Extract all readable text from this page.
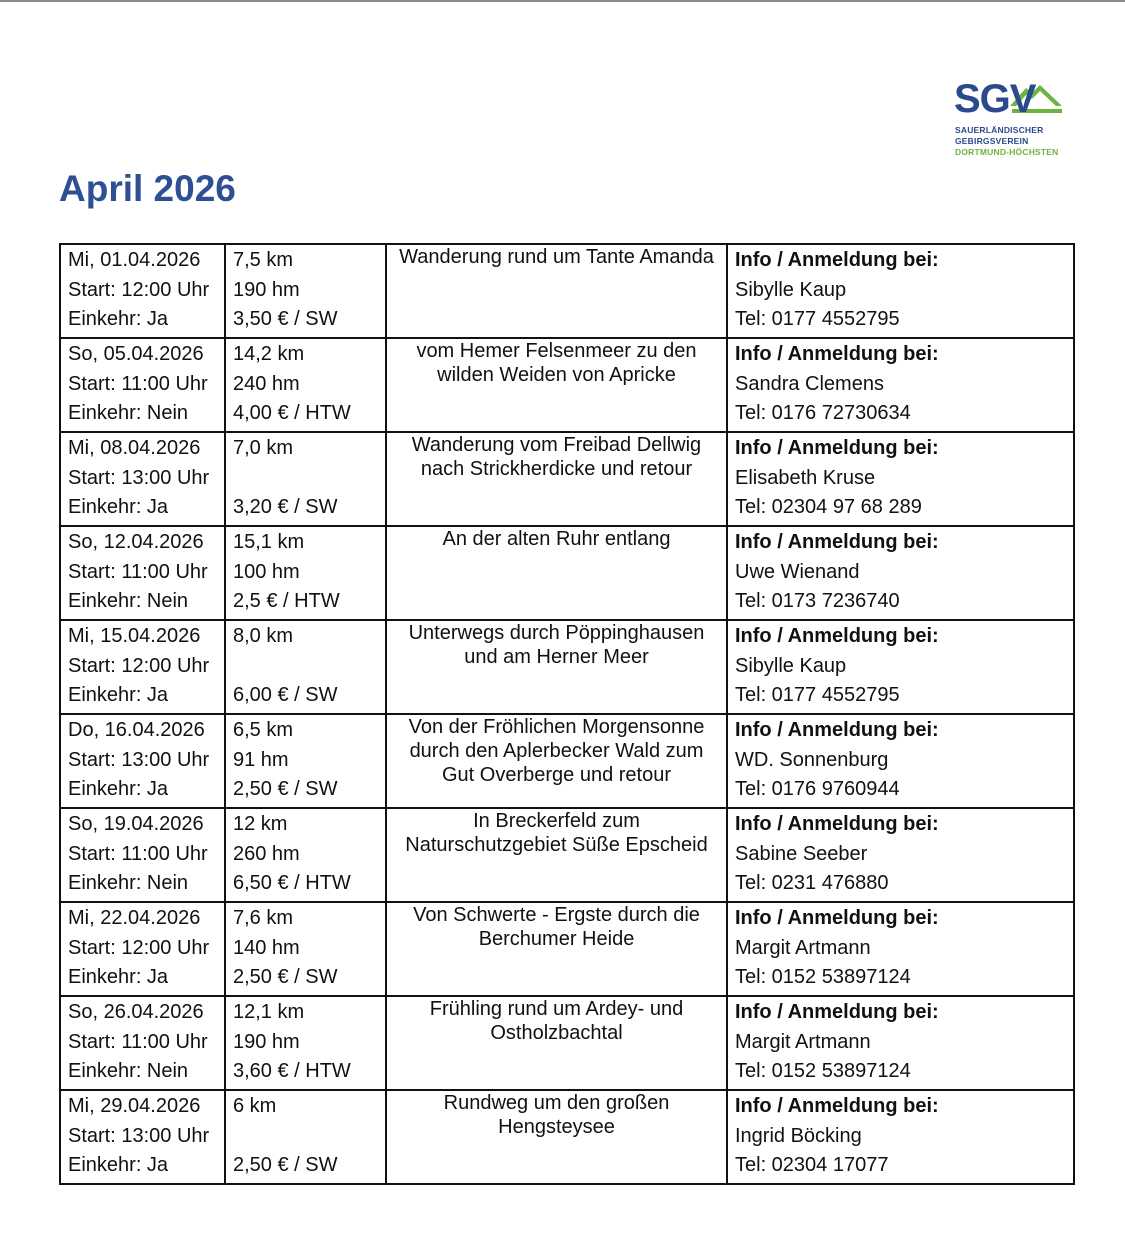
SGV
SAUERLÄNDISCHER
GEBIRGSVEREIN
DORTMUND-HÖCHSTEN
April 2026
Mi, 01.04.2026
Start: 12:00 Uhr
Einkehr: Ja	7,5 km
190 hm
3,50 € / SW	Wanderung rund um Tante Amanda	Info / Anmeldung bei:
Sibylle Kaup
Tel: 0177 4552795

So, 05.04.2026
Start: 11:00 Uhr
Einkehr: Nein	14,2 km
240 hm
4,00 € / HTW	vom Hemer Felsenmeer zu den wilden Weiden von Apricke	Info / Anmeldung bei:
Sandra Clemens
Tel: 0176 72730634

Mi, 08.04.2026
Start: 13:00 Uhr
Einkehr: Ja	7,0 km
3,20 € / SW	Wanderung vom Freibad Dellwig nach Strickherdicke und retour	Info / Anmeldung bei:
Elisabeth Kruse
Tel: 02304 97 68 289

So, 12.04.2026
Start: 11:00 Uhr
Einkehr: Nein	15,1 km
100 hm
2,5 € / HTW	An der alten Ruhr entlang	Info / Anmeldung bei:
Uwe Wienand
Tel: 0173 7236740

Mi, 15.04.2026
Start: 12:00 Uhr
Einkehr: Ja	8,0 km
6,00 € / SW	Unterwegs durch Pöppinghausen und am Herner Meer	Info / Anmeldung bei:
Sibylle Kaup
Tel: 0177 4552795

Do, 16.04.2026
Start: 13:00 Uhr
Einkehr: Ja	6,5 km
91 hm
2,50 € / SW	Von der Fröhlichen Morgensonne durch den Aplerbecker Wald zum Gut Overberge und retour	Info / Anmeldung bei:
WD. Sonnenburg
Tel: 0176 9760944

So, 19.04.2026
Start: 11:00 Uhr
Einkehr: Nein	12 km
260 hm
6,50 € / HTW	In Breckerfeld zum Naturschutzgebiet Süße Epscheid	Info / Anmeldung bei:
Sabine Seeber
Tel: 0231 476880

Mi, 22.04.2026
Start: 12:00 Uhr
Einkehr: Ja	7,6 km
140 hm
2,50 € / SW	Von Schwerte - Ergste durch die Berchumer Heide	Info / Anmeldung bei:
Margit Artmann
Tel: 0152 53897124

So, 26.04.2026
Start: 11:00 Uhr
Einkehr: Nein	12,1 km
190 hm
3,60 € / HTW	Frühling rund um Ardey- und Ostholzbachtal	Info / Anmeldung bei:
Margit Artmann
Tel: 0152 53897124

Mi, 29.04.2026
Start: 13:00 Uhr
Einkehr: Ja	6 km
2,50 € / SW	Rundweg um den großen Hengsteysee	Info / Anmeldung bei:
Ingrid Böcking
Tel: 02304 17077
